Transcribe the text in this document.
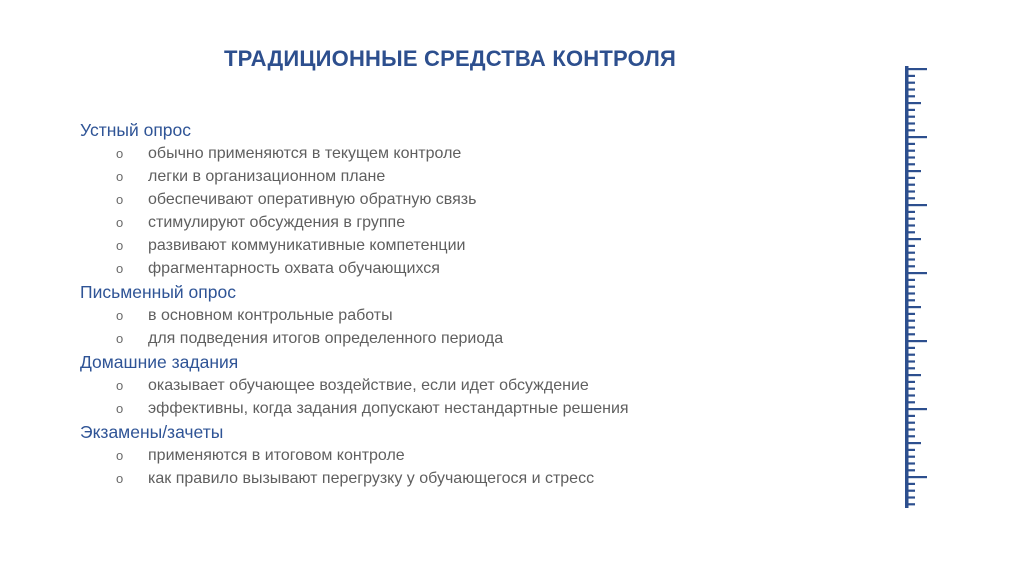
ТРАДИЦИОННЫЕ СРЕДСТВА КОНТРОЛЯ
Устный опрос
o обычно применяются в текущем контроле
o легки в организационном плане
o обеспечивают оперативную обратную связь
o стимулируют обсуждения в группе
o развивают коммуникативные компетенции
o фрагментарность охвата обучающихся
Письменный опрос
o в основном контрольные работы
o для подведения итогов определенного периода
Домашние задания
o оказывает обучающее воздействие, если идет обсуждение
o эффективны, когда задания допускают нестандартные решения
Экзамены/зачеты
o применяются в итоговом контроле
o как правило вызывают перегрузку у обучающегося и стресс
